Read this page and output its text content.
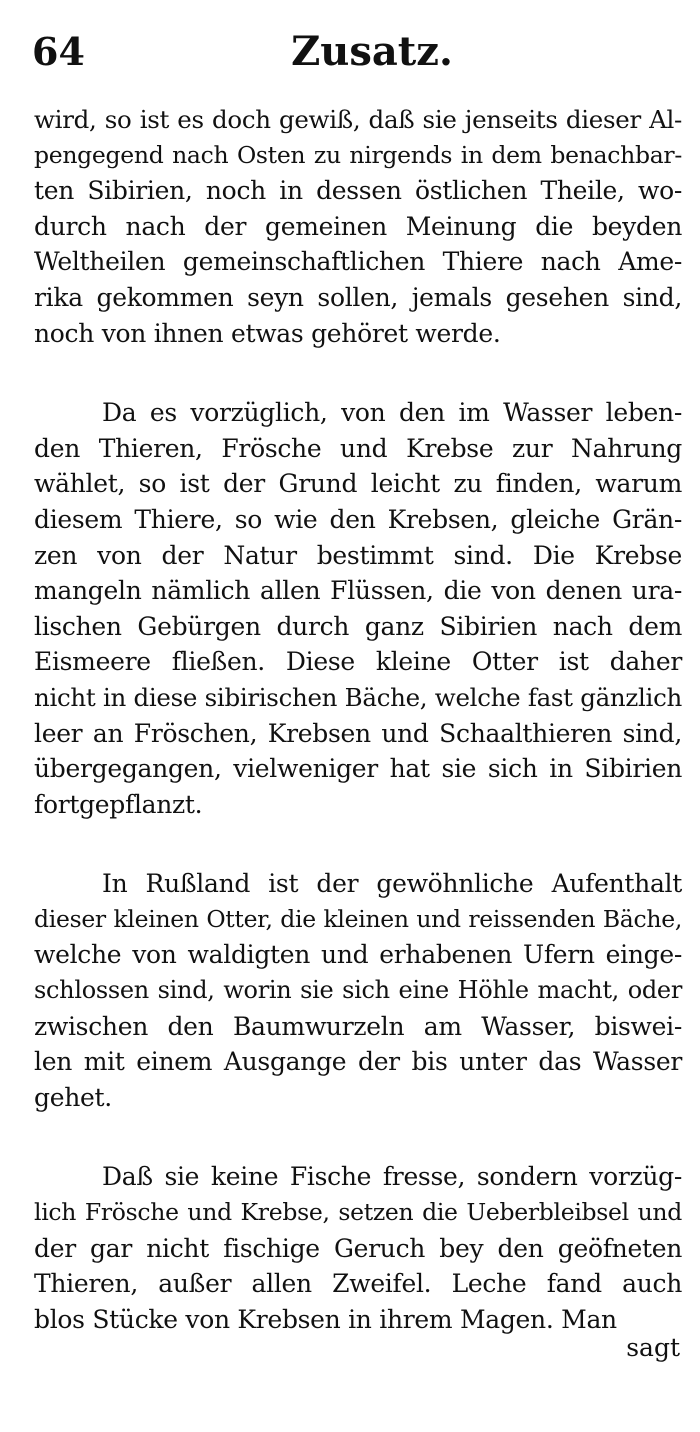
64	Zusatz.
wird, so ist es doch gewiß, daß sie jenseits dieser Al-
pengegend nach Osten zu nirgends in dem benachbar-
ten Sibirien, noch in dessen östlichen Theile, wo-
durch nach der gemeinen Meinung die beyden
Weltheilen gemeinschaftlichen Thiere nach Ame-
rika gekommen seyn sollen, jemals gesehen sind,
noch von ihnen etwas gehöret werde.
Da es vorzüglich, von den im Wasser leben-
den Thieren, Frösche und Krebse zur Nahrung
wählet, so ist der Grund leicht zu finden, warum
diesem Thiere, so wie den Krebsen, gleiche Grän-
zen von der Natur bestimmt sind. Die Krebse
mangeln nämlich allen Flüssen, die von denen ura-
lischen Gebürgen durch ganz Sibirien nach dem
Eismeere fließen. Diese kleine Otter ist daher
nicht in diese sibirischen Bäche, welche fast gänzlich
leer an Fröschen, Krebsen und Schaalthieren sind,
übergegangen, vielweniger hat sie sich in Sibirien
fortgepflanzt.
In Rußland ist der gewöhnliche Aufenthalt
dieser kleinen Otter, die kleinen und reissenden Bäche,
welche von waldigten und erhabenen Ufern einge-
schlossen sind, worin sie sich eine Höhle macht, oder
zwischen den Baumwurzeln am Wasser, biswei-
len mit einem Ausgange der bis unter das Wasser
gehet.
Daß sie keine Fische fresse, sondern vorzüg-
lich Frösche und Krebse, setzen die Ueberbleibsel und
der gar nicht fischige Geruch bey den geöfneten
Thieren, außer allen Zweifel. Leche fand auch
blos Stücke von Krebsen in ihrem Magen. Man
sagt
